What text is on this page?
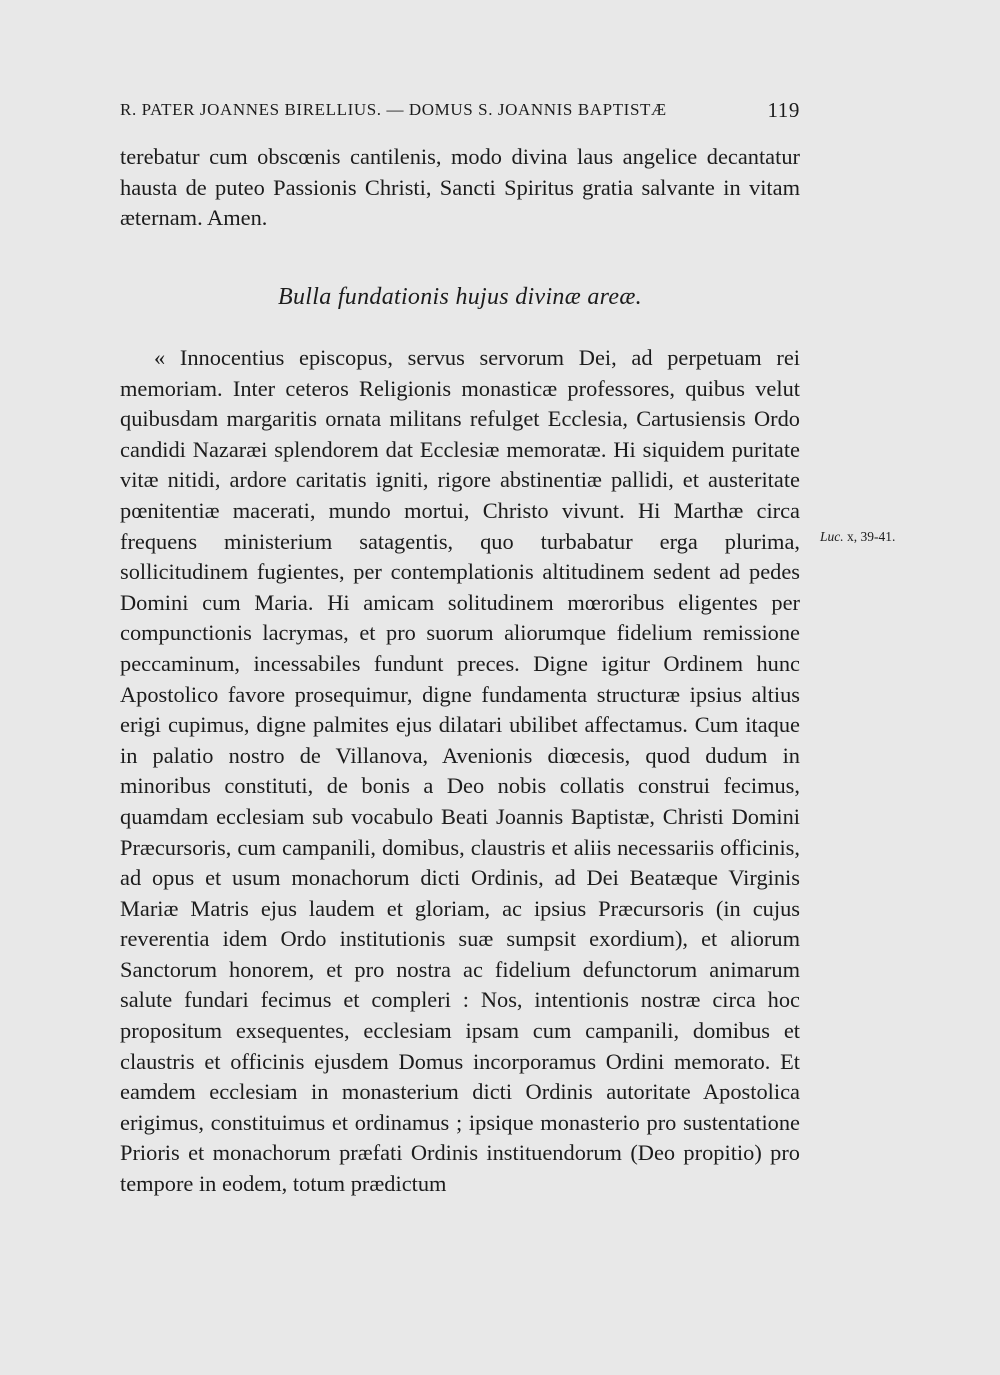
R. PATER JOANNES BIRELLIUS. — DOMUS S. JOANNIS BAPTISTÆ	119

terebatur cum obscœnis cantilenis, modo divina laus angelice decantatur hausta de puteo Passionis Christi, Sancti Spiritus gratia salvante in vitam æternam. Amen.

Bulla fundationis hujus divinæ areæ.

« Innocentius episcopus, servus servorum Dei, ad perpetuam rei memoriam. Inter ceteros Religionis monasticæ professores, quibus velut quibusdam margaritis ornata militans refulget Ecclesia, Cartusiensis Ordo candidi Nazaræi splendorem dat Ecclesiæ memoratæ. Hi siquidem puritate vitæ nitidi, ardore caritatis igniti, rigore abstinentiæ pallidi, et austeritate pœnitentiæ macerati, mundo mortui, Christo vivunt. Hi Marthæ circa frequens ministerium satagentis, quo turbabatur erga plurima, sollicitudinem fugientes, per contemplationis altitudinem sedent ad pedes Domini cum Maria. Hi amicam solitudinem mœroribus eligentes per compunctionis lacrymas, et pro suorum aliorumque fidelium remissione peccaminum, incessabiles fundunt preces. Digne igitur Ordinem hunc Apostolico favore prosequimur, digne fundamenta structuræ ipsius altius erigi cupimus, digne palmites ejus dilatari ubilibet affectamus. Cum itaque in palatio nostro de Villanova, Avenionis diœcesis, quod dudum in minoribus constituti, de bonis a Deo nobis collatis construi fecimus, quamdam ecclesiam sub vocabulo Beati Joannis Baptistæ, Christi Domini Præcursoris, cum campanili, domibus, claustris et aliis necessariis officinis, ad opus et usum monachorum dicti Ordinis, ad Dei Beatæque Virginis Mariæ Matris ejus laudem et gloriam, ac ipsius Præcursoris (in cujus reverentia idem Ordo institutionis suæ sumpsit exordium), et aliorum Sanctorum honorem, et pro nostra ac fidelium defunctorum animarum salute fundari fecimus et compleri : Nos, intentionis nostræ circa hoc propositum exsequentes, ecclesiam ipsam cum campanili, domibus et claustris et officinis ejusdem Domus incorporamus Ordini memorato. Et eamdem ecclesiam in monasterium dicti Ordinis autoritate Apostolica erigimus, constituimus et ordinamus ; ipsique monasterio pro sustentatione Prioris et monachorum præfati Ordinis instituendorum (Deo propitio) pro tempore in eodem, totum prædictum

Luc. x, 39-41.
